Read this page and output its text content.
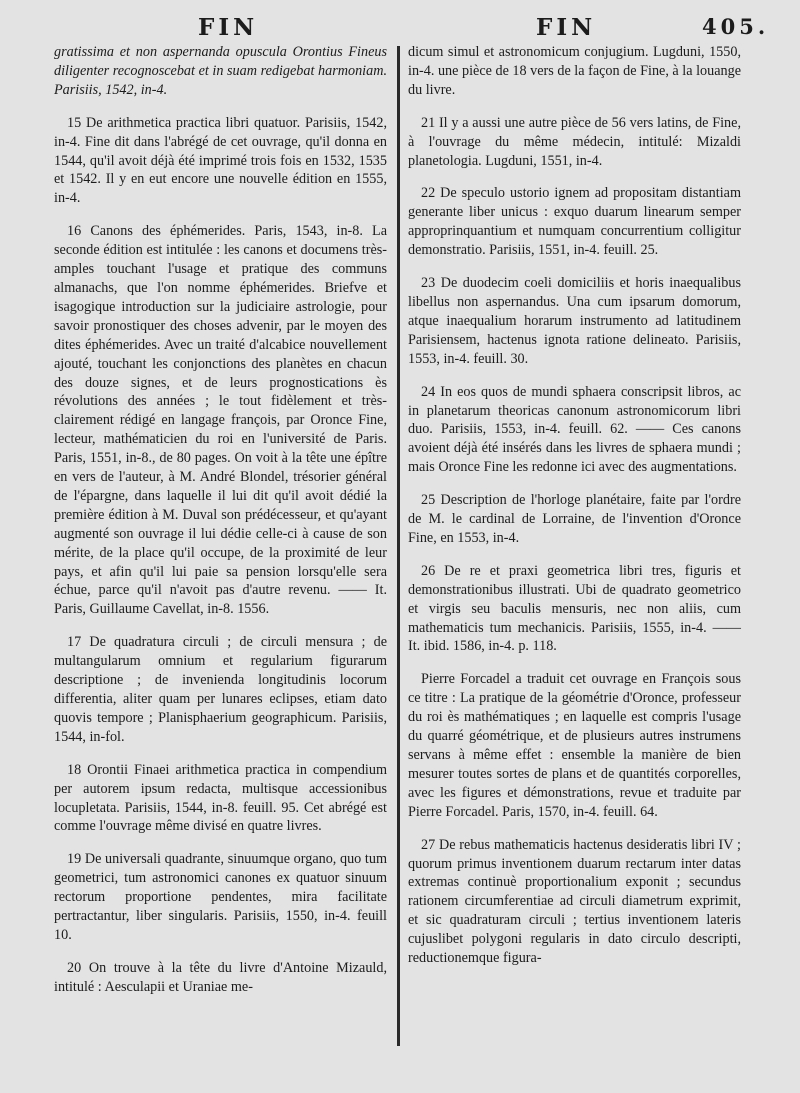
FIN	FIN	405.

gratissima et non aspernanda opuscula Orontius Fineus diligenter recognoscebat et in suam redigebat harmoniam. Parisiis, 1542, in-4.

15 De arithmetica practica libri quatuor. Parisiis, 1542, in-4. Fine dit dans l'abrégé de cet ouvrage, qu'il donna en 1544, qu'il avoit déjà été imprimé trois fois en 1532, 1535 et 1542. Il y en eut encore une nouvelle édition en 1555, in-4.

16 Canons des éphémerides. Paris, 1543, in-8. La seconde édition est intitulée : les canons et documens très-amples touchant l'usage et pratique des communs almanachs, que l'on nomme éphémerides. Briefve et isagogique introduction sur la judiciaire astrologie, pour savoir pronostiquer des choses advenir, par le moyen des dites éphémerides. Avec un traité d'alcabice nouvellement ajouté, touchant les conjonctions des planètes en chacun des douze signes, et de leurs prognostications ès révolutions des années ; le tout fidèlement et très-clairement rédigé en langage françois, par Oronce Fine, lecteur, mathématicien du roi en l'université de Paris. Paris, 1551, in-8., de 80 pages. On voit à la tête une épître en vers de l'auteur, à M. André Blondel, trésorier général de l'épargne, dans laquelle il lui dit qu'il avoit dédié la première édition à M. Duval son prédécesseur, et qu'ayant augmenté son ouvrage il lui dédie celle-ci à cause de son mérite, de la place qu'il occupe, de la proximité de leur pays, et afin qu'il lui paie sa pension lorsqu'elle sera échue, parce qu'il n'avoit pas d'autre revenu. —— It. Paris, Guillaume Cavellat, in-8. 1556.

17 De quadratura circuli ; de circuli mensura ; de multangularum omnium et regularium figurarum descriptione ; de invenienda longitudinis locorum differentia, aliter quam per lunares eclipses, etiam dato quovis tempore ; Planisphaerium geographicum. Parisiis, 1544, in-fol.

18 Orontii Finaei arithmetica practica in compendium per autorem ipsum redacta, multisque accessionibus locupletata. Parisiis, 1544, in-8. feuill. 95. Cet abrégé est comme l'ouvrage même divisé en quatre livres.

19 De universali quadrante, sinuumque organo, quo tum geometrici, tum astronomici canones ex quatuor sinuum rectorum proportione pendentes, mira facilitate pertractantur, liber singularis. Parisiis, 1550, in-4. feuill 10.

20 On trouve à la tête du livre d'Antoine Mizauld, intitulé : Aesculapii et Uraniae me-

dicum simul et astronomicum conjugium. Lugduni, 1550, in-4. une pièce de 18 vers de la façon de Fine, à la louange du livre.

21 Il y a aussi une autre pièce de 56 vers latins, de Fine, à l'ouvrage du même médecin, intitulé: Mizaldi planetologia. Lugduni, 1551, in-4.

22 De speculo ustorio ignem ad propositam distantiam generante liber unicus : exquo duarum linearum semper approprinquantium et numquam concurrentium colligitur demonstratio. Parisiis, 1551, in-4. feuill. 25.

23 De duodecim coeli domiciliis et horis inaequalibus libellus non aspernandus. Una cum ipsarum domorum, atque inaequalium horarum instrumento ad latitudinem Parisiensem, hactenus ignota ratione delineato. Parisiis, 1553, in-4. feuill. 30.

24 In eos quos de mundi sphaera conscripsit libros, ac in planetarum theoricas canonum astronomicorum libri duo. Parisiis, 1553, in-4. feuill. 62. —— Ces canons avoient déjà été insérés dans les livres de sphaera mundi ; mais Oronce Fine les redonne ici avec des augmentations.

25 Description de l'horloge planétaire, faite par l'ordre de M. le cardinal de Lorraine, de l'invention d'Oronce Fine, en 1553, in-4.

26 De re et praxi geometrica libri tres, figuris et demonstrationibus illustrati. Ubi de quadrato geometrico et virgis seu baculis mensuris, nec non aliis, cum mathematicis tum mechanicis. Parisiis, 1555, in-4. —— It. ibid. 1586, in-4. p. 118.

Pierre Forcadel a traduit cet ouvrage en François sous ce titre : La pratique de la géométrie d'Oronce, professeur du roi ès mathématiques ; en laquelle est compris l'usage du quarré géométrique, et de plusieurs autres instrumens servans à même effet : ensemble la manière de bien mesurer toutes sortes de plans et de quantités corporelles, avec les figures et démonstrations, revue et traduite par Pierre Forcadel. Paris, 1570, in-4. feuill. 64.

27 De rebus mathematicis hactenus desideratis libri IV ; quorum primus inventionem duarum rectarum inter datas extremas continuè proportionalium exponit ; secundus rationem circumferentiae ad circuli diametrum exprimit, et sic quadraturam circuli ; tertius inventionem lateris cujuslibet polygoni regularis in dato circulo descripti, reductionemque figura-
